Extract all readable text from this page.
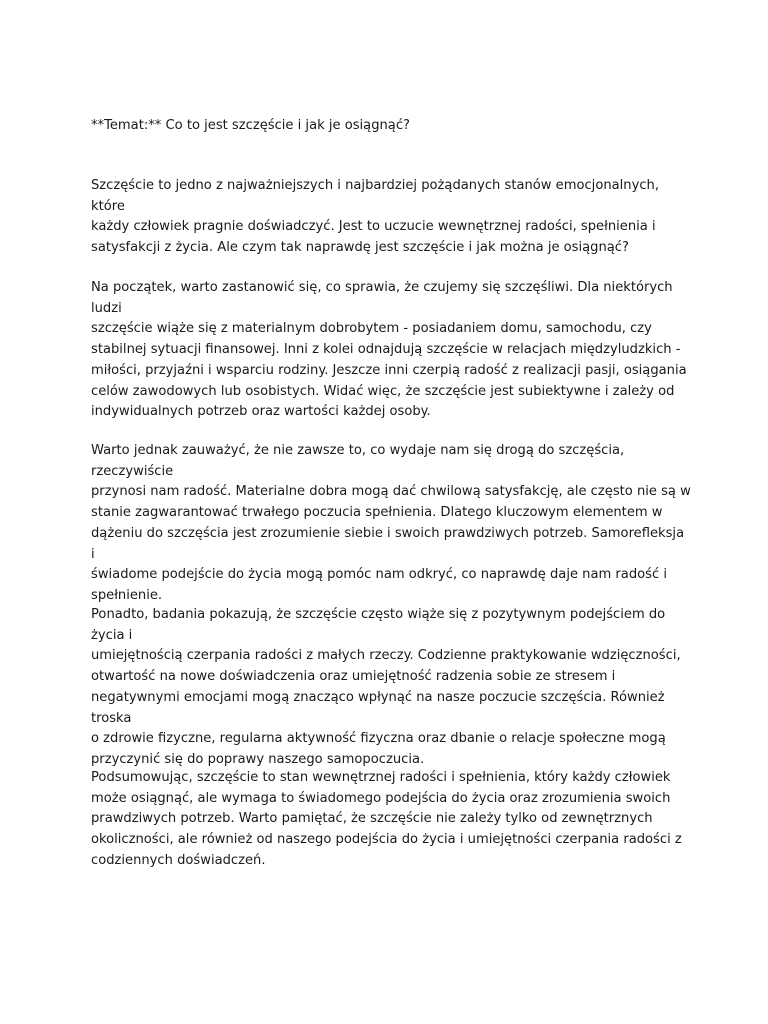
**Temat:** Co to jest szczęście i jak je osiągnąć?

Szczęście to jedno z najważniejszych i najbardziej pożądanych stanów emocjonalnych, które
każdy człowiek pragnie doświadczyć. Jest to uczucie wewnętrznej radości, spełnienia i
satysfakcji z życia. Ale czym tak naprawdę jest szczęście i jak można je osiągnąć?

Na początek, warto zastanowić się, co sprawia, że czujemy się szczęśliwi. Dla niektórych ludzi
szczęście wiąże się z materialnym dobrobytem - posiadaniem domu, samochodu, czy
stabilnej sytuacji finansowej. Inni z kolei odnajdują szczęście w relacjach międzyludzkich -
miłości, przyjaźni i wsparciu rodziny. Jeszcze inni czerpią radość z realizacji pasji, osiągania
celów zawodowych lub osobistych. Widać więc, że szczęście jest subiektywne i zależy od
indywidualnych potrzeb oraz wartości każdej osoby.

Warto jednak zauważyć, że nie zawsze to, co wydaje nam się drogą do szczęścia, rzeczywiście
przynosi nam radość. Materialne dobra mogą dać chwilową satysfakcję, ale często nie są w
stanie zagwarantować trwałego poczucia spełnienia. Dlatego kluczowym elementem w
dążeniu do szczęścia jest zrozumienie siebie i swoich prawdziwych potrzeb. Samorefleksja i
świadome podejście do życia mogą pomóc nam odkryć, co naprawdę daje nam radość i
spełnienie.

Ponadto, badania pokazują, że szczęście często wiąże się z pozytywnym podejściem do życia i
umiejętnością czerpania radości z małych rzeczy. Codzienne praktykowanie wdzięczności,
otwartość na nowe doświadczenia oraz umiejętność radzenia sobie ze stresem i
negatywnymi emocjami mogą znacząco wpłynąć na nasze poczucie szczęścia. Również troska
o zdrowie fizyczne, regularna aktywność fizyczna oraz dbanie o relacje społeczne mogą
przyczynić się do poprawy naszego samopoczucia.

Podsumowując, szczęście to stan wewnętrznej radości i spełnienia, który każdy człowiek
może osiągnąć, ale wymaga to świadomego podejścia do życia oraz zrozumienia swoich
prawdziwych potrzeb. Warto pamiętać, że szczęście nie zależy tylko od zewnętrznych
okoliczności, ale również od naszego podejścia do życia i umiejętności czerpania radości z
codziennych doświadczeń.
